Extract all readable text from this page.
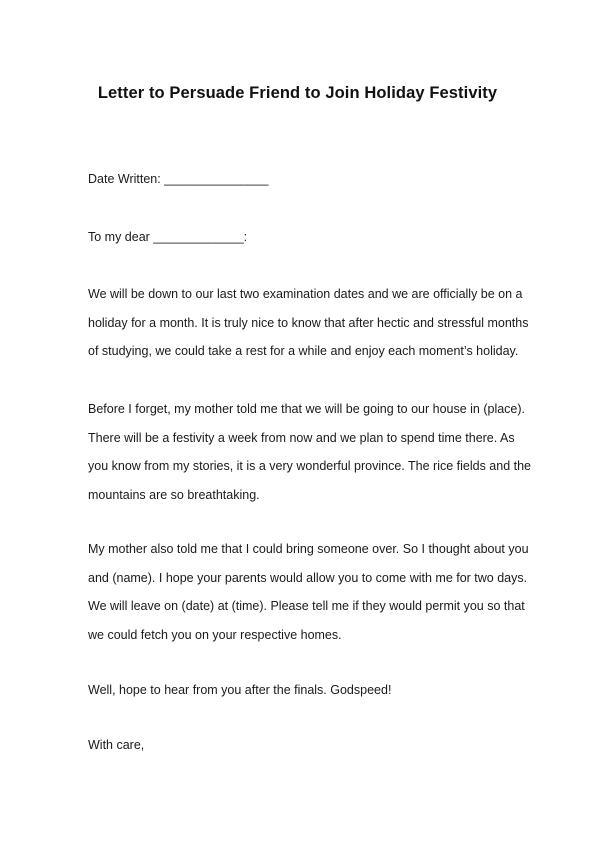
Letter to Persuade Friend to Join Holiday Festivity
Date Written: _______________
To my dear _____________:
We will be down to our last two examination dates and we are officially be on a
holiday for a month. It is truly nice to know that after hectic and stressful months
of studying, we could take a rest for a while and enjoy each moment’s holiday.
Before I forget, my mother told me that we will be going to our house in (place).
There will be a festivity a week from now and we plan to spend time there. As
you know from my stories, it is a very wonderful province. The rice fields and the
mountains are so breathtaking.
My mother also told me that I could bring someone over. So I thought about you
and (name). I hope your parents would allow you to come with me for two days.
We will leave on (date) at (time). Please tell me if they would permit you so that
we could fetch you on your respective homes.
Well, hope to hear from you after the finals. Godspeed!
With care,
